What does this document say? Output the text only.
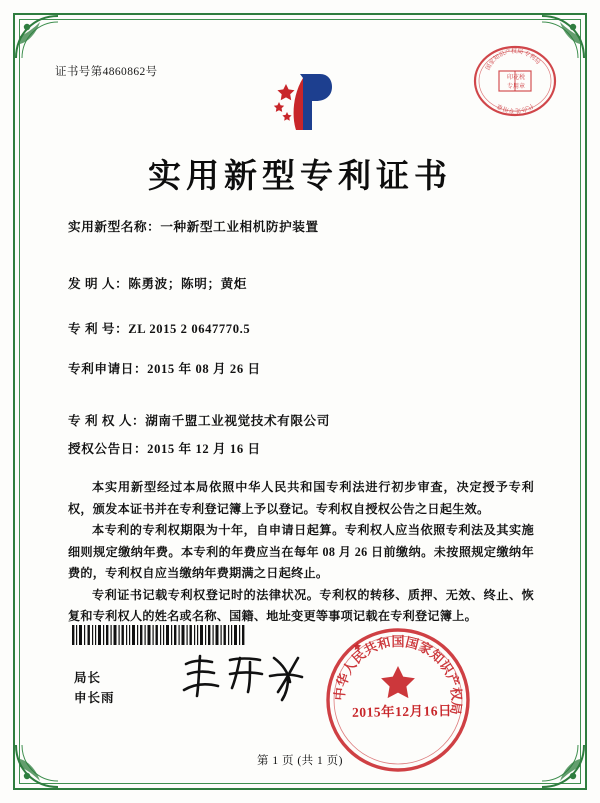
证书号第4860862号	印花税
专用章
国
家
知
识
产 权 局 专
利
局
代
办
处
专
用
章
实用新型专利证书
实用新型名称：一种新型工业相机防护装置
发 明 人：陈勇波；陈明；黄炬
专 利 号：ZL 2015 2 0647770.5
专利申请日：2015 年 08 月 26 日
专 利 权 人：湖南千盟工业视觉技术有限公司
授权公告日：2015 年 12 月 16 日

本实用新型经过本局依照中华人民共和国专利法进行初步审查，决定授予专利权，颁发本证书并在专利登记簿上予以登记。专利权自授权公告之日起生效。

本专利的专利权期限为十年，自申请日起算。专利权人应当依照专利法及其实施细则规定缴纳年费。本专利的年费应当在每年 08 月 26 日前缴纳。未按照规定缴纳年费的，专利权自应当缴纳年费期满之日起终止。

专利证书记载专利权登记时的法律状况。专利权的转移、质押、无效、终止、恢复和专利权人的姓名或名称、国籍、地址变更等事项记载在专利登记簿上。

局长
申长雨	中
华
人
民
共
和 国 国
家
知
识
产
权
局
2015年12月16日
第 1 页 (共 1 页)
